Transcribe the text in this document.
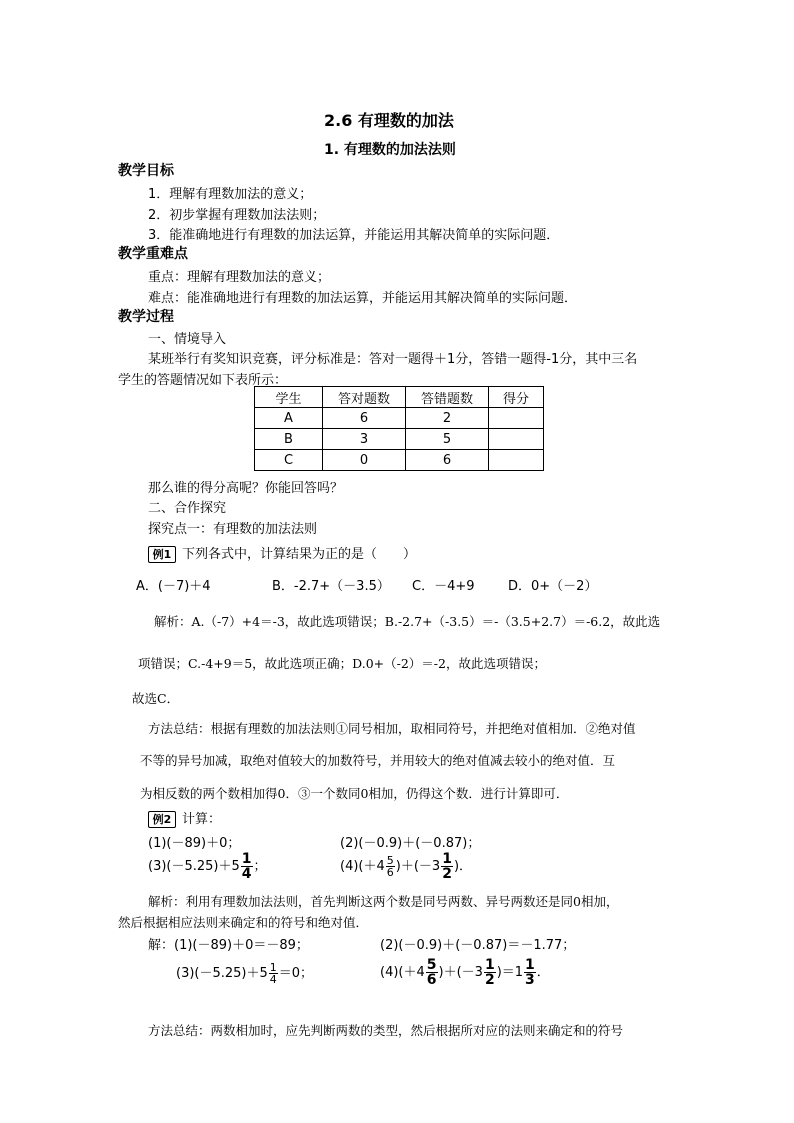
2.6 有理数的加法
1. 有理数的加法法则
教学目标
1．理解有理数加法的意义；
2．初步掌握有理数加法法则；
3．能准确地进行有理数的加法运算，并能运用其解决简单的实际问题．
教学重难点
重点：理解有理数加法的意义；
难点：能准确地进行有理数的加法运算，并能运用其解决简单的实际问题．
教学过程
一、情境导入
某班举行有奖知识竞赛，评分标准是：答对一题得＋1分，答错一题得-1分，其中三名
学生的答题情况如下表所示：
学生	答对题数	答错题数	得分
A	6	2	
B	3	5	
C	0	6	
那么谁的得分高呢？你能回答吗？
二、合作探究
探究点一：有理数的加法法则
例1 下列各式中，计算结果为正的是（　　）
A．(－7)＋4	B．-2.7+（－3.5） C．－4+9	D．0+（－2）
解析：A.（-7）+4＝-3，故此选项错误；B.-2.7+（-3.5）＝-（3.5+2.7）＝-6.2，故此选
项错误；C.-4+9＝5，故此选项正确；D.0+（-2）＝-2，故此选项错误；
故选C．
方法总结：根据有理数的加法法则①同号相加，取相同符号，并把绝对值相加．②绝对值
不等的异号加减，取绝对值较大的加数符号，并用较大的绝对值减去较小的绝对值．互
为相反数的两个数相加得0．③一个数同0相加，仍得这个数．进行计算即可．
例2 计算：
(1)(－89)＋0；	(2)(－0.9)＋(－0.87)；
$(3)(-5.25)+5 \frac{1}{4}$ ；	$(4)(+4 \frac{5}{6} )+(-3 \frac{1}{2}$ )．
解析：利用有理数加法法则，首先判断这两个数是同号两数、异号两数还是同0相加，
然后根据相应法则来确定和的符号和绝对值．
解：(1)(－89)＋0＝－89；	(2)(－0.9)＋(－0.87)＝－1.77；
$(3)(-5.25)+5 \frac{1}{4} =0$；	$(4)(+4 \frac{5}{6} )+(-3 \frac{1}{2} )=1 \frac{1}{3}$ ．
方法总结：两数相加时，应先判断两数的类型，然后根据所对应的法则来确定和的符号
